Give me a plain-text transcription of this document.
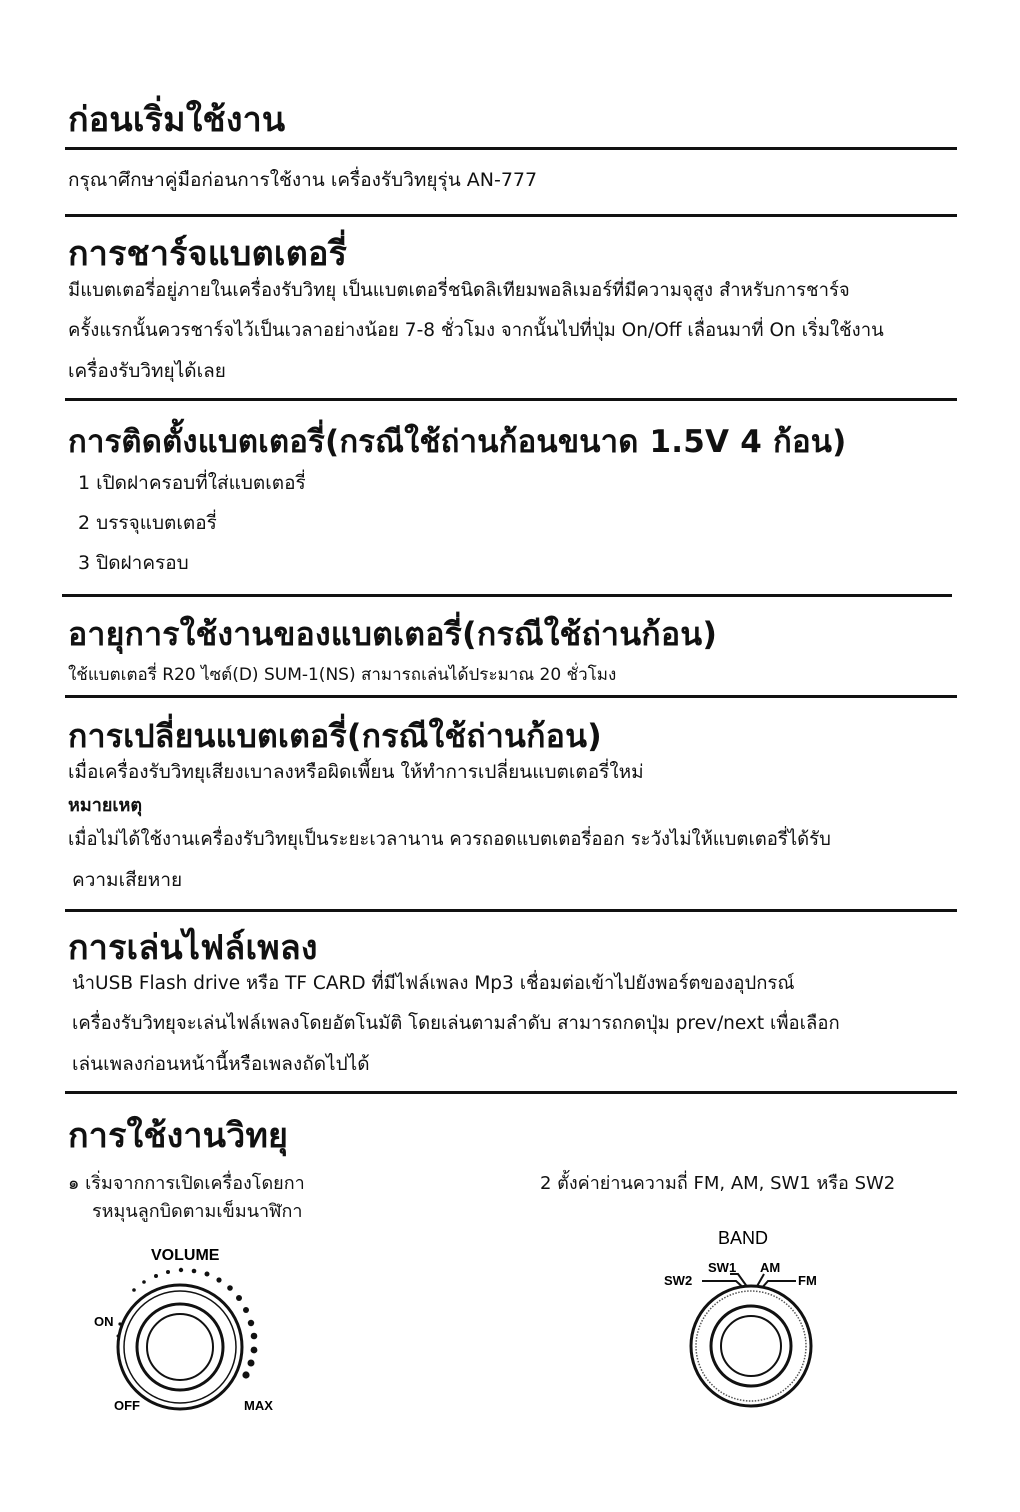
ก่อนเริ่มใช้งาน

กรุณาศึกษาคู่มือก่อนการใช้งาน เครื่องรับวิทยุรุ่น AN-777

การชาร์จแบตเตอรี่

มีแบตเตอรี่อยู่ภายในเครื่องรับวิทยุ เป็นแบตเตอรี่ชนิดลิเทียมพอลิเมอร์ที่มีความจุสูง สำหรับการชาร์จ

ครั้งแรกนั้นควรชาร์จไว้เป็นเวลาอย่างน้อย 7-8 ชั่วโมง จากนั้นไปที่ปุ่ม On/Off เลื่อนมาที่ On เริ่มใช้งาน

เครื่องรับวิทยุได้เลย

การติดตั้งแบตเตอรี่(กรณีใช้ถ่านก้อนขนาด 1.5V 4 ก้อน)

1 เปิดฝาครอบที่ใส่แบตเตอรี่

2 บรรจุแบตเตอรี่

3 ปิดฝาครอบ

อายุการใช้งานของแบตเตอรี่(กรณีใช้ถ่านก้อน)

ใช้แบตเตอรี่ R20 ไซต์(D) SUM-1(NS) สามารถเล่นได้ประมาณ 20 ชั่วโมง

การเปลี่ยนแบตเตอรี่(กรณีใช้ถ่านก้อน)

เมื่อเครื่องรับวิทยุเสียงเบาลงหรือผิดเพี้ยน ให้ทำการเปลี่ยนแบตเตอรี่ใหม่

หมายเหตุ

เมื่อไม่ได้ใช้งานเครื่องรับวิทยุเป็นระยะเวลานาน ควรถอดแบตเตอรี่ออก ระวังไม่ให้แบตเตอรี่ได้รับ

ความเสียหาย

การเล่นไฟล์เพลง

นำUSB Flash drive หรือ TF CARD ที่มีไฟล์เพลง Mp3 เชื่อมต่อเข้าไปยังพอร์ตของอุปกรณ์

เครื่องรับวิทยุจะเล่นไฟล์เพลงโดยอัตโนมัติ โดยเล่นตามลำดับ สามารถกดปุ่ม prev/next เพื่อเลือก

เล่นเพลงก่อนหน้านี้หรือเพลงถัดไปได้

การใช้งานวิทยุ

๑ เริ่มจากการเปิดเครื่องโดยกา

รหมุนลูกบิดตามเข็มนาฬิกา

2 ตั้งค่าย่านความถี่ FM, AM, SW1 หรือ SW2

VOLUME
ON
OFF	MAX
BAND
SW2
SW1 AM
FM
